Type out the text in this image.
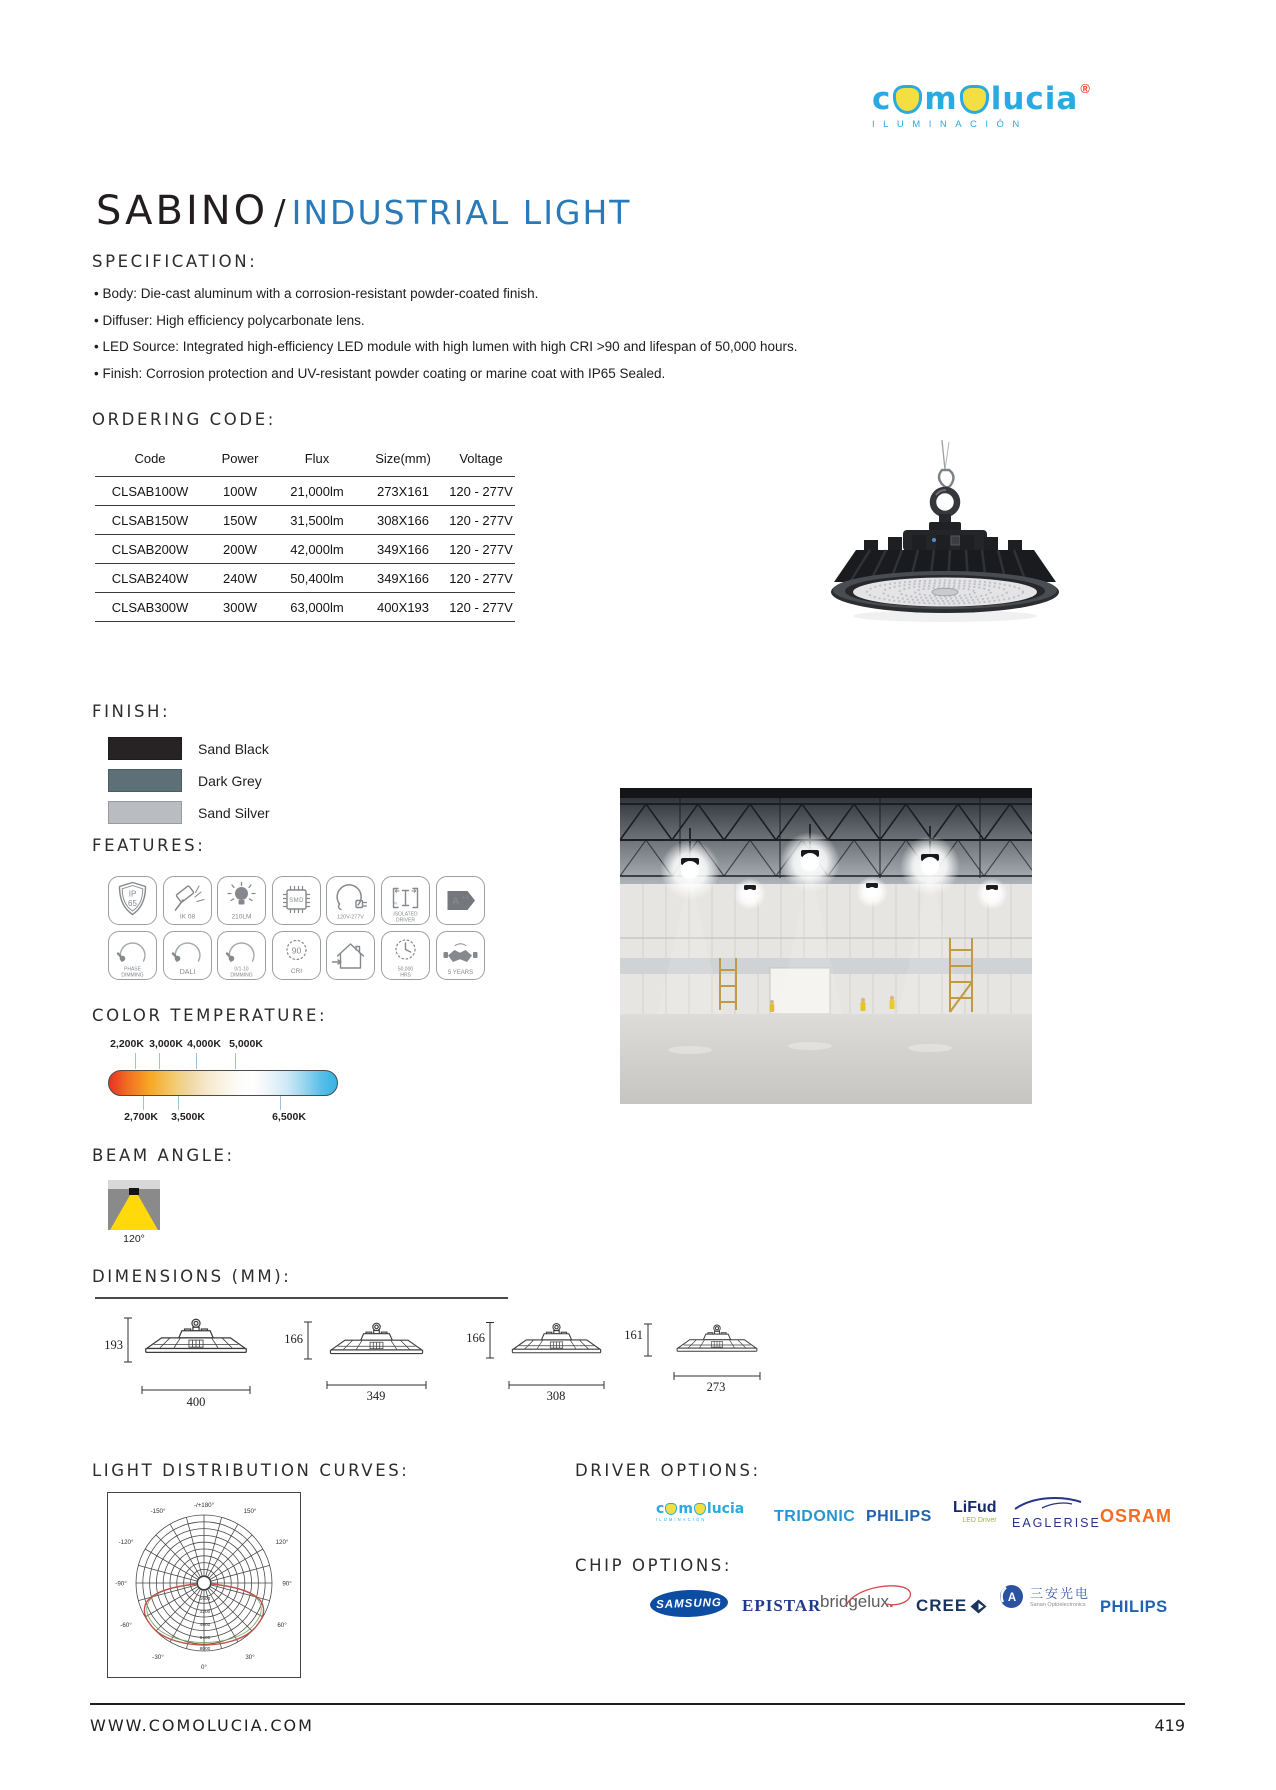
c m lucia ®
ILUMINACIÓN
SABINO / INDUSTRIAL LIGHT
SPECIFICATION:
• Body: Die-cast aluminum with a corrosion-resistant powder-coated finish.
• Diffuser: High efficiency polycarbonate lens.
• LED Source: Integrated high-efficiency LED module with high lumen with high CRI >90 and lifespan of 50,000 hours.
• Finish: Corrosion protection and UV-resistant powder coating or marine coat with IP65 Sealed.
ORDERING CODE:
Code	Power	Flux	Size(mm)	Voltage
CLSAB100W	100W	21,000lm	273X161	120 - 277V
CLSAB150W	150W	31,500lm	308X166	120 - 277V
CLSAB200W	200W	42,000lm	349X166	120 - 277V
CLSAB240W	240W	50,400lm	349X166	120 - 277V
CLSAB300W	300W	63,000lm	400X193	120 - 277V
FINISH:
Sand Black
Dark Grey
Sand Silver
FEATURES:
IP
65
IK 08	210LM
SMD
120V-277V
N
ISOLATED
DRIVER
A ++
PHASE
DIMMING	DALI	0/1-10
DIMMING
90
CRI	50,000
HRS	5 YEARS
COLOR TEMPERATURE:
2,200K 3,000K 4,000K 5,000K
2,700K 3,500K	6,500K
BEAM ANGLE:
120°
DIMENSIONS (MM):
193
400
166
349
166
308
161
273
LIGHT DISTRIBUTION CURVES:
-/+180°
-150°	150°
-120°	120°
-90°	90°
-60°	60°
-30°	30°
0°
1600
3200
4800
6400
8000
DRIVER OPTIONS:
c m lucia
ILUMINACIÓN	TRIDONIC PHILIPS
LiFud
LED Driver EAGLERISE OSRAM
CHIP OPTIONS:
SAMSUNG EPISTAR
bridgelux. CREE	A 三安光电
Sanan Optoelectronics PHILIPS
WWW.COMOLUCIA.COM	419
